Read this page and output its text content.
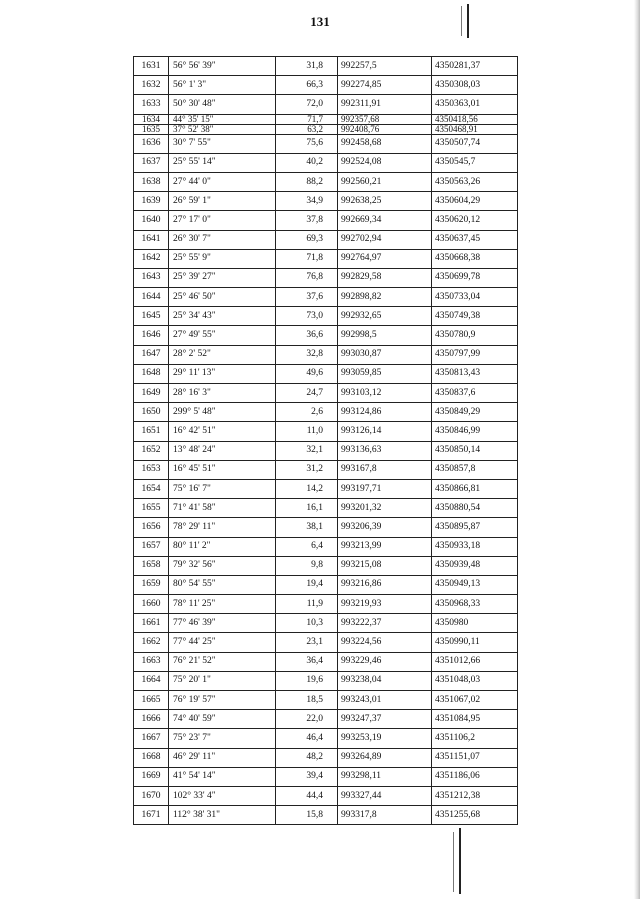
131
1631	56° 56' 39"	31,8	992257,5	4350281,37
1632	56° 1' 3"	66,3	992274,85	4350308,03
1633	50° 30' 48"	72,0	992311,91	4350363,01
1634	44° 35' 15"	71,7	992357,68	4350418,56
1635	37° 52' 38"	63,2	992408,76	4350468,91
1636	30° 7' 55"	75,6	992458,68	4350507,74
1637	25° 55' 14"	40,2	992524,08	4350545,7
1638	27° 44' 0"	88,2	992560,21	4350563,26
1639	26° 59' 1"	34,9	992638,25	4350604,29
1640	27° 17' 0"	37,8	992669,34	4350620,12
1641	26° 30' 7"	69,3	992702,94	4350637,45
1642	25° 55' 9"	71,8	992764,97	4350668,38
1643	25° 39' 27"	76,8	992829,58	4350699,78
1644	25° 46' 50"	37,6	992898,82	4350733,04
1645	25° 34' 43"	73,0	992932,65	4350749,38
1646	27° 49' 55"	36,6	992998,5	4350780,9
1647	28° 2' 52"	32,8	993030,87	4350797,99
1648	29° 11' 13"	49,6	993059,85	4350813,43
1649	28° 16' 3"	24,7	993103,12	4350837,6
1650	299° 5' 48"	2,6	993124,86	4350849,29
1651	16° 42' 51"	11,0	993126,14	4350846,99
1652	13° 48' 24"	32,1	993136,63	4350850,14
1653	16° 45' 51"	31,2	993167,8	4350857,8
1654	75° 16' 7"	14,2	993197,71	4350866,81
1655	71° 41' 58"	16,1	993201,32	4350880,54
1656	78° 29' 11"	38,1	993206,39	4350895,87
1657	80° 11' 2"	6,4	993213,99	4350933,18
1658	79° 32' 56"	9,8	993215,08	4350939,48
1659	80° 54' 55"	19,4	993216,86	4350949,13
1660	78° 11' 25"	11,9	993219,93	4350968,33
1661	77° 46' 39"	10,3	993222,37	4350980
1662	77° 44' 25"	23,1	993224,56	4350990,11
1663	76° 21' 52"	36,4	993229,46	4351012,66
1664	75° 20' 1"	19,6	993238,04	4351048,03
1665	76° 19' 57"	18,5	993243,01	4351067,02
1666	74° 40' 59"	22,0	993247,37	4351084,95
1667	75° 23' 7"	46,4	993253,19	4351106,2
1668	46° 29' 11"	48,2	993264,89	4351151,07
1669	41° 54' 14"	39,4	993298,11	4351186,06
1670	102° 33' 4"	44,4	993327,44	4351212,38
1671	112° 38' 31"	15,8	993317,8	4351255,68
